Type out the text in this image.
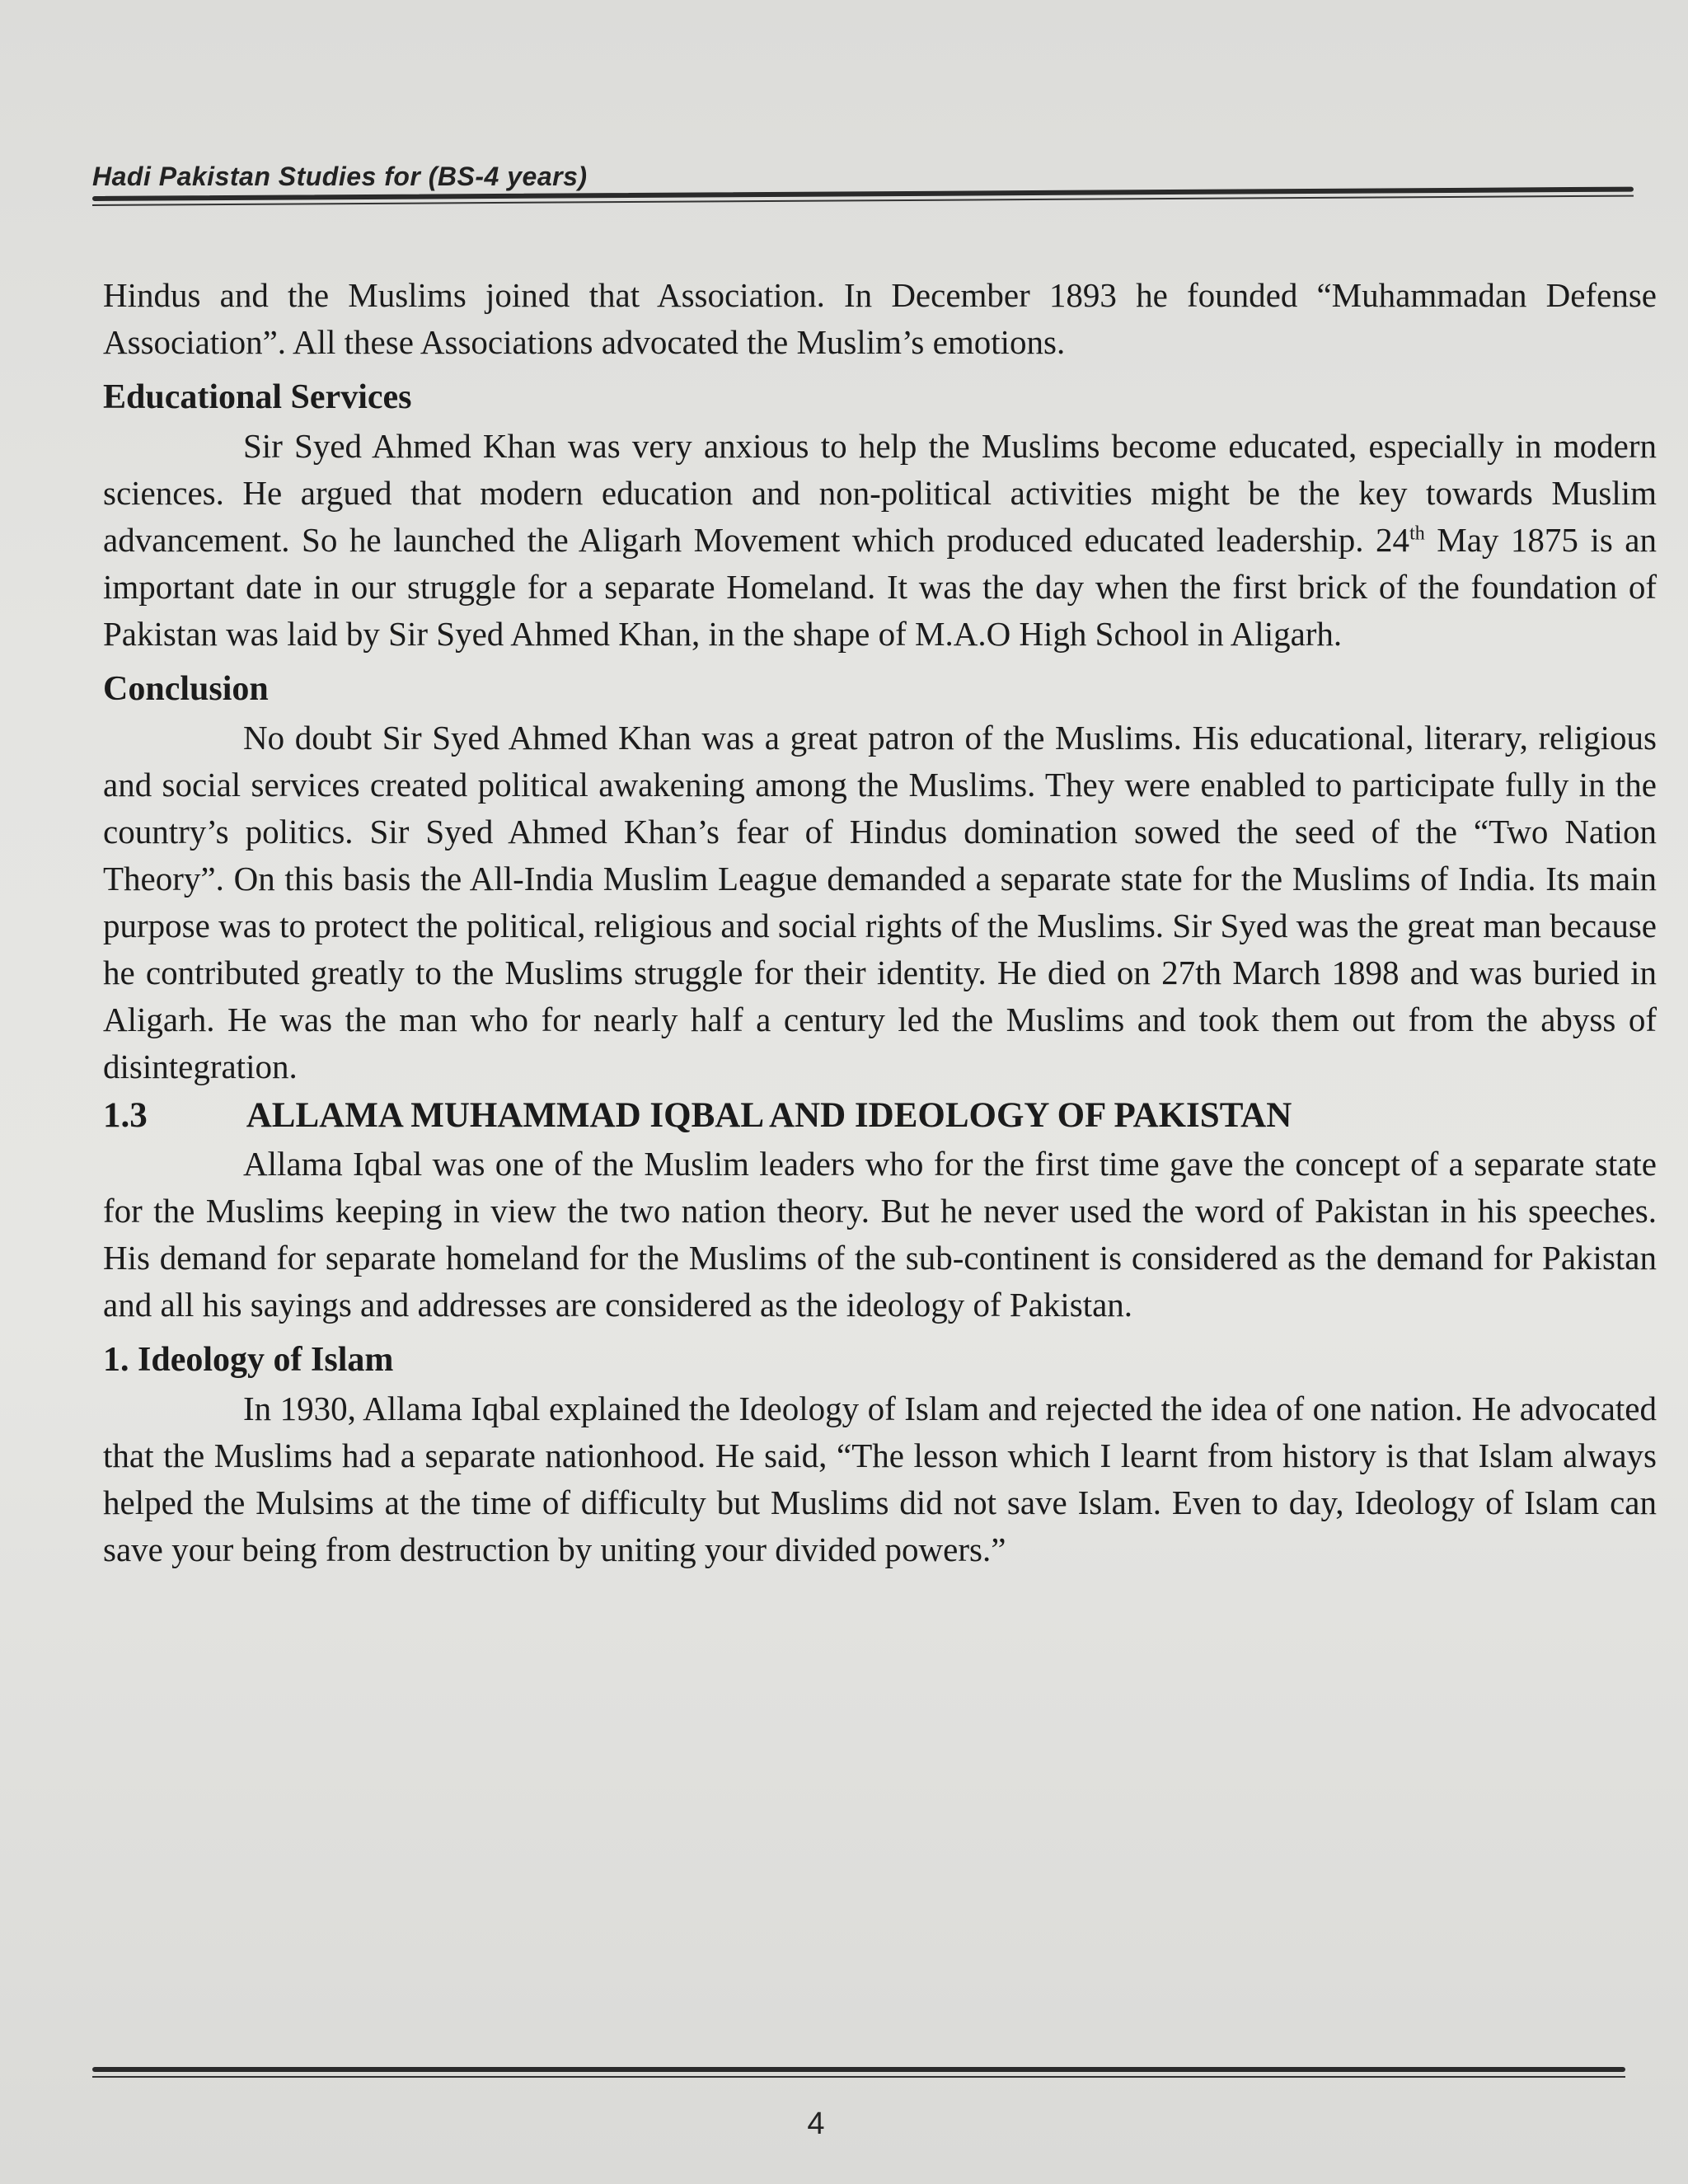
Hadi Pakistan Studies for (BS-4 years)

Hindus and the Muslims joined that Association. In December 1893 he founded “Muhammadan Defense Association”. All these Associations advocated the Muslim’s emotions.

Educational Services

Sir Syed Ahmed Khan was very anxious to help the Muslims become educated, especially in modern sciences. He argued that modern education and non-political activities might be the key towards Muslim advancement. So he launched the Aligarh Movement which produced educated leadership. 24th May 1875 is an important date in our struggle for a separate Homeland. It was the day when the first brick of the foundation of Pakistan was laid by Sir Syed Ahmed Khan, in the shape of M.A.O High School in Aligarh.

Conclusion

No doubt Sir Syed Ahmed Khan was a great patron of the Muslims. His educational, literary, religious and social services created political awakening among the Muslims. They were enabled to participate fully in the country’s politics. Sir Syed Ahmed Khan’s fear of Hindus domination sowed the seed of the “Two Nation Theory”. On this basis the All-India Muslim League demanded a separate state for the Muslims of India. Its main purpose was to protect the political, religious and social rights of the Muslims. Sir Syed was the great man because he contributed greatly to the Muslims struggle for their identity. He died on 27th March 1898 and was buried in Aligarh. He was the man who for nearly half a century led the Muslims and took them out from the abyss of disintegration.

1.3	ALLAMA MUHAMMAD IQBAL AND IDEOLOGY OF PAKISTAN

Allama Iqbal was one of the Muslim leaders who for the first time gave the concept of a separate state for the Muslims keeping in view the two nation theory. But he never used the word of Pakistan in his speeches. His demand for separate homeland for the Muslims of the sub-continent is considered as the demand for Pakistan and all his sayings and addresses are considered as the ideology of Pakistan.

1. Ideology of Islam

In 1930, Allama Iqbal explained the Ideology of Islam and rejected the idea of one nation. He advocated that the Muslims had a separate nationhood. He said, “The lesson which I learnt from history is that Islam always helped the Mulsims at the time of difficulty but Muslims did not save Islam. Even to day, Ideology of Islam can save your being from destruction by uniting your divided powers.”

4
